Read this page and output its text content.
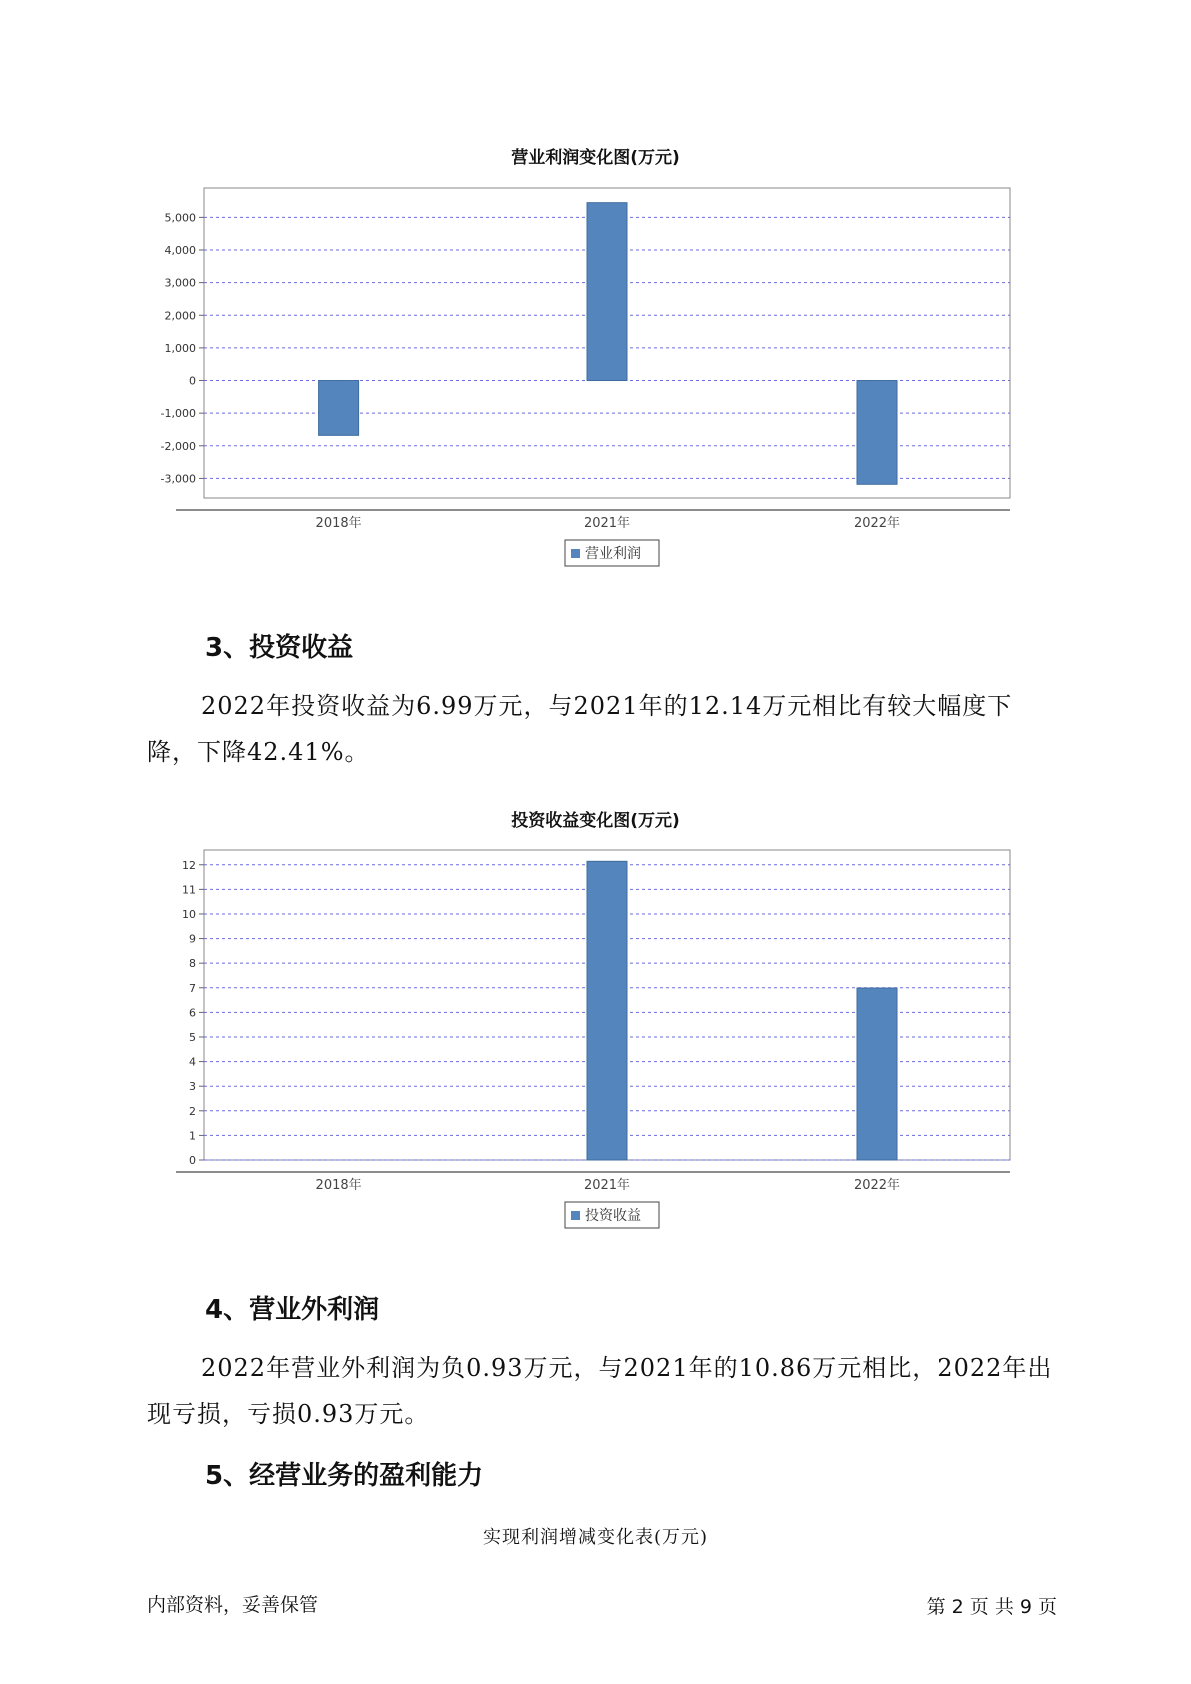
营业利润变化图(万元)
5,000
4,000
3,000
2,000
1,000
0
-1,000
-2,000
-3,000
2018年	2021年	2022年
营业利润
3、投资收益
2022年投资收益为6.99万元，与2021年的12.14万元相比有较大幅度下降，下降42.41%。
投资收益变化图(万元)
12
11
10
9
8
7
6
5
4
3
2
1
0
2018年	2021年	2022年
投资收益
4、营业外利润
2022年营业外利润为负0.93万元，与2021年的10.86万元相比，2022年出现亏损，亏损0.93万元。
5、经营业务的盈利能力
实现利润增减变化表(万元)
内部资料，妥善保管	第 2 页 共 9 页
